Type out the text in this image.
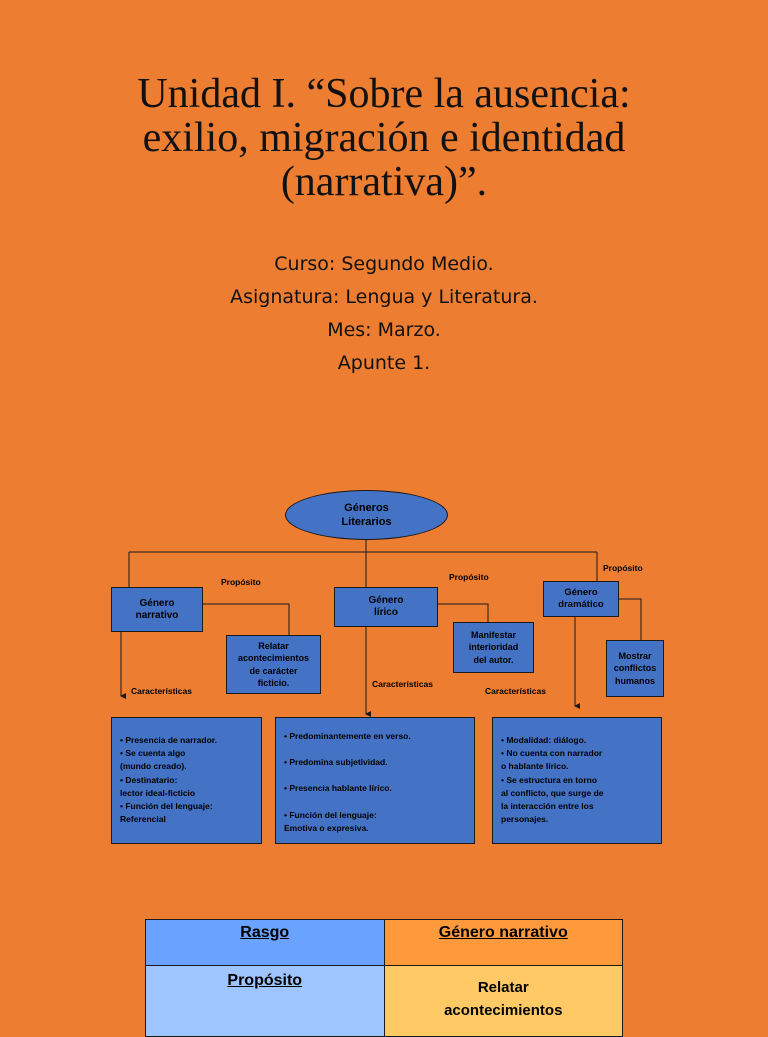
Unidad I. “Sobre la ausencia:
exilio, migración e identidad
(narrativa)”.
Curso: Segundo Medio.
Asignatura: Lengua y Literatura.
Mes: Marzo.
Apunte 1.
Géneros
Literarios
Propósito	Propósito
Propósito
Género
narrativo
Género
lírico
Género
dramático
Relatar
acontecimientos
de carácter
ficticio.
Manifestar
interioridad
del autor.	Mostrar
conflictos
humanos
Características
Características
Características
• Presencia de narrador.
• Se cuenta algo
(mundo creado).
• Destinatario:
lector ideal-ficticio
• Función del lenguaje:
Referencial
• Predominantemente en verso.
• Predomina subjetividad.
• Presencia hablante lírico.
• Función del lenguaje:
Emotiva o expresiva.
• Modalidad: diálogo.
• No cuenta con narrador
o hablante lírico.
• Se estructura en torno
al conflicto, que surge de
la interacción entre los
personajes.
Rasgo	Género narrativo
Propósito	Relatar
acontecimientos
